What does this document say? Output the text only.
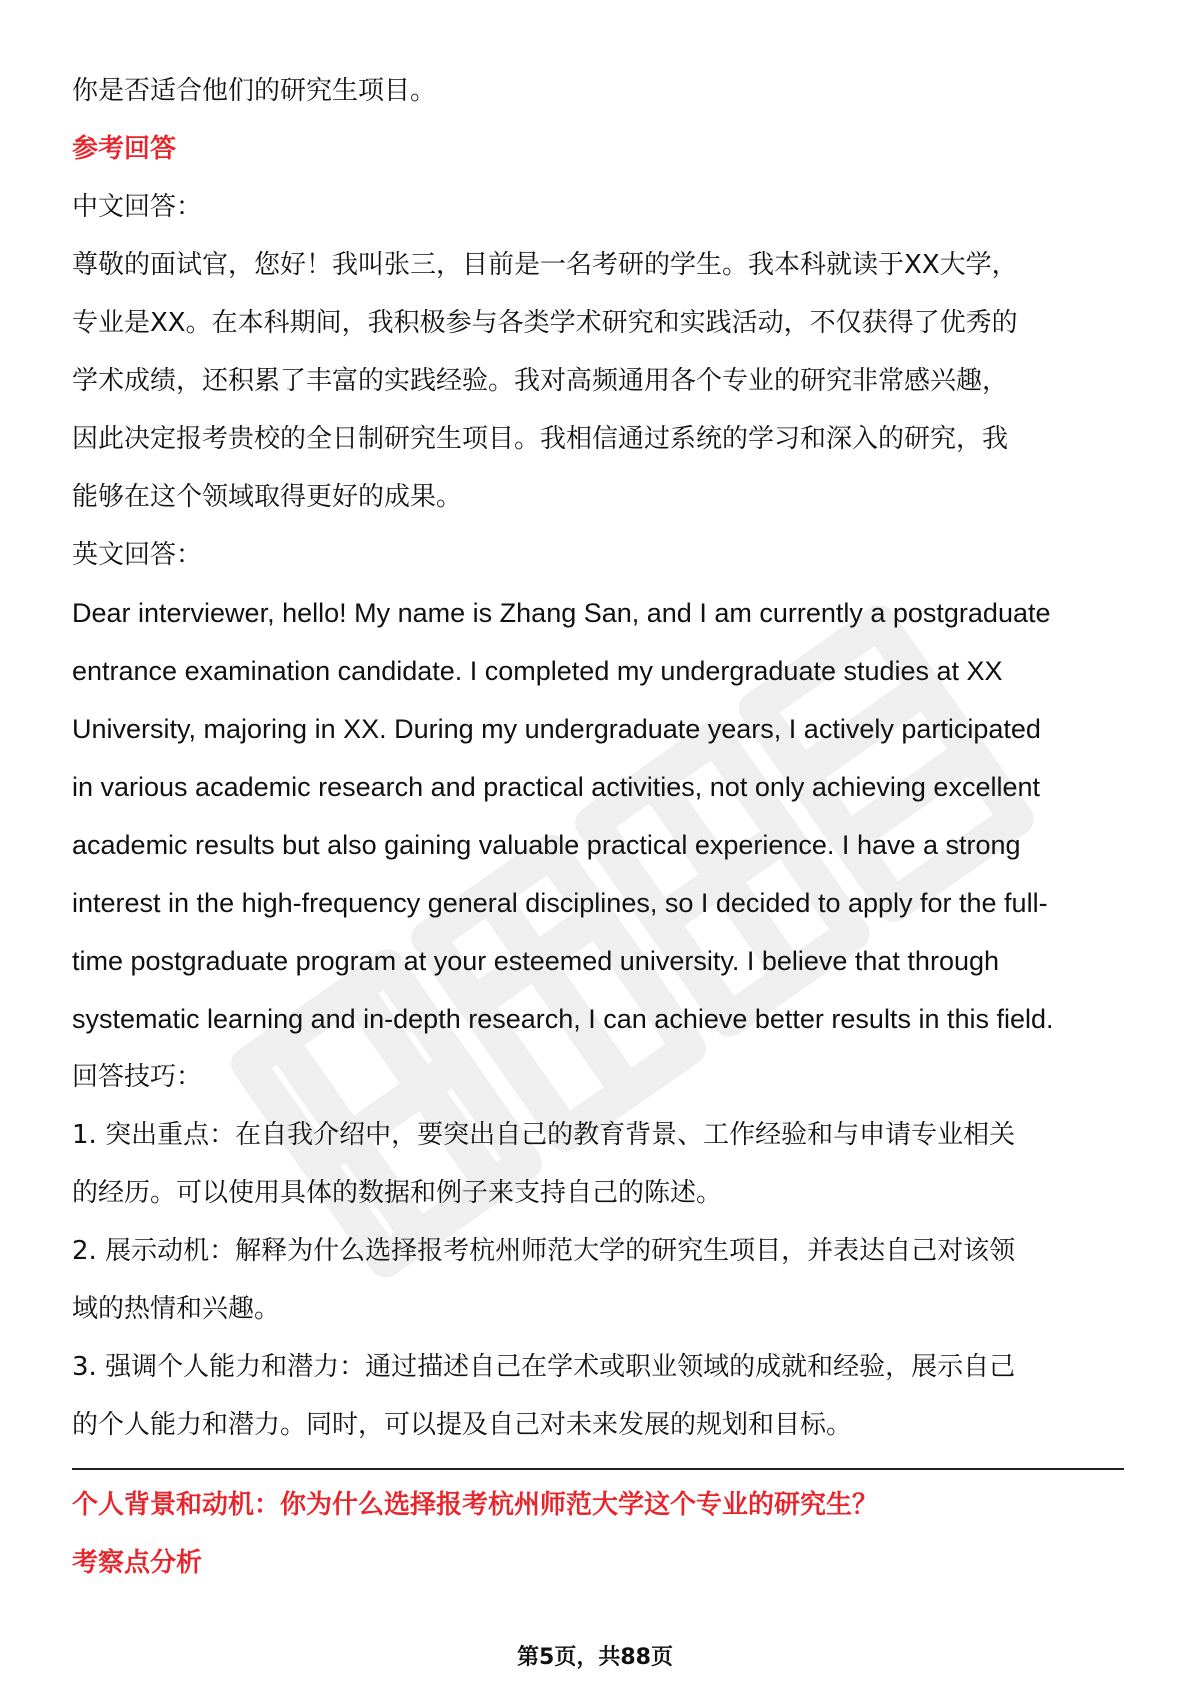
你是否适合他们的研究生项目。
参考回答
中文回答：
尊敬的面试官，您好！我叫张三，目前是一名考研的学生。我本科就读于XX大学，
专业是XX。在本科期间，我积极参与各类学术研究和实践活动，不仅获得了优秀的
学术成绩，还积累了丰富的实践经验。我对高频通用各个专业的研究非常感兴趣，
因此决定报考贵校的全日制研究生项目。我相信通过系统的学习和深入的研究，我
能够在这个领域取得更好的成果。
英文回答：
Dear interviewer, hello! My name is Zhang San, and I am currently a postgraduate
entrance examination candidate. I completed my undergraduate studies at XX
University, majoring in XX. During my undergraduate years, I actively participated
in various academic research and practical activities, not only achieving excellent
academic results but also gaining valuable practical experience. I have a strong
interest in the high-frequency general disciplines, so I decided to apply for the full-
time postgraduate program at your esteemed university. I believe that through
systematic learning and in-depth research, I can achieve better results in this field.
回答技巧：
1. 突出重点：在自我介绍中，要突出自己的教育背景、工作经验和与申请专业相关
的经历。可以使用具体的数据和例子来支持自己的陈述。
2. 展示动机：解释为什么选择报考杭州师范大学的研究生项目，并表达自己对该领
域的热情和兴趣。
3. 强调个人能力和潜力：通过描述自己在学术或职业领域的成就和经验，展示自己
的个人能力和潜力。同时，可以提及自己对未来发展的规划和目标。
个人背景和动机：你为什么选择报考杭州师范大学这个专业的研究生？
考察点分析
第5页，共88页
